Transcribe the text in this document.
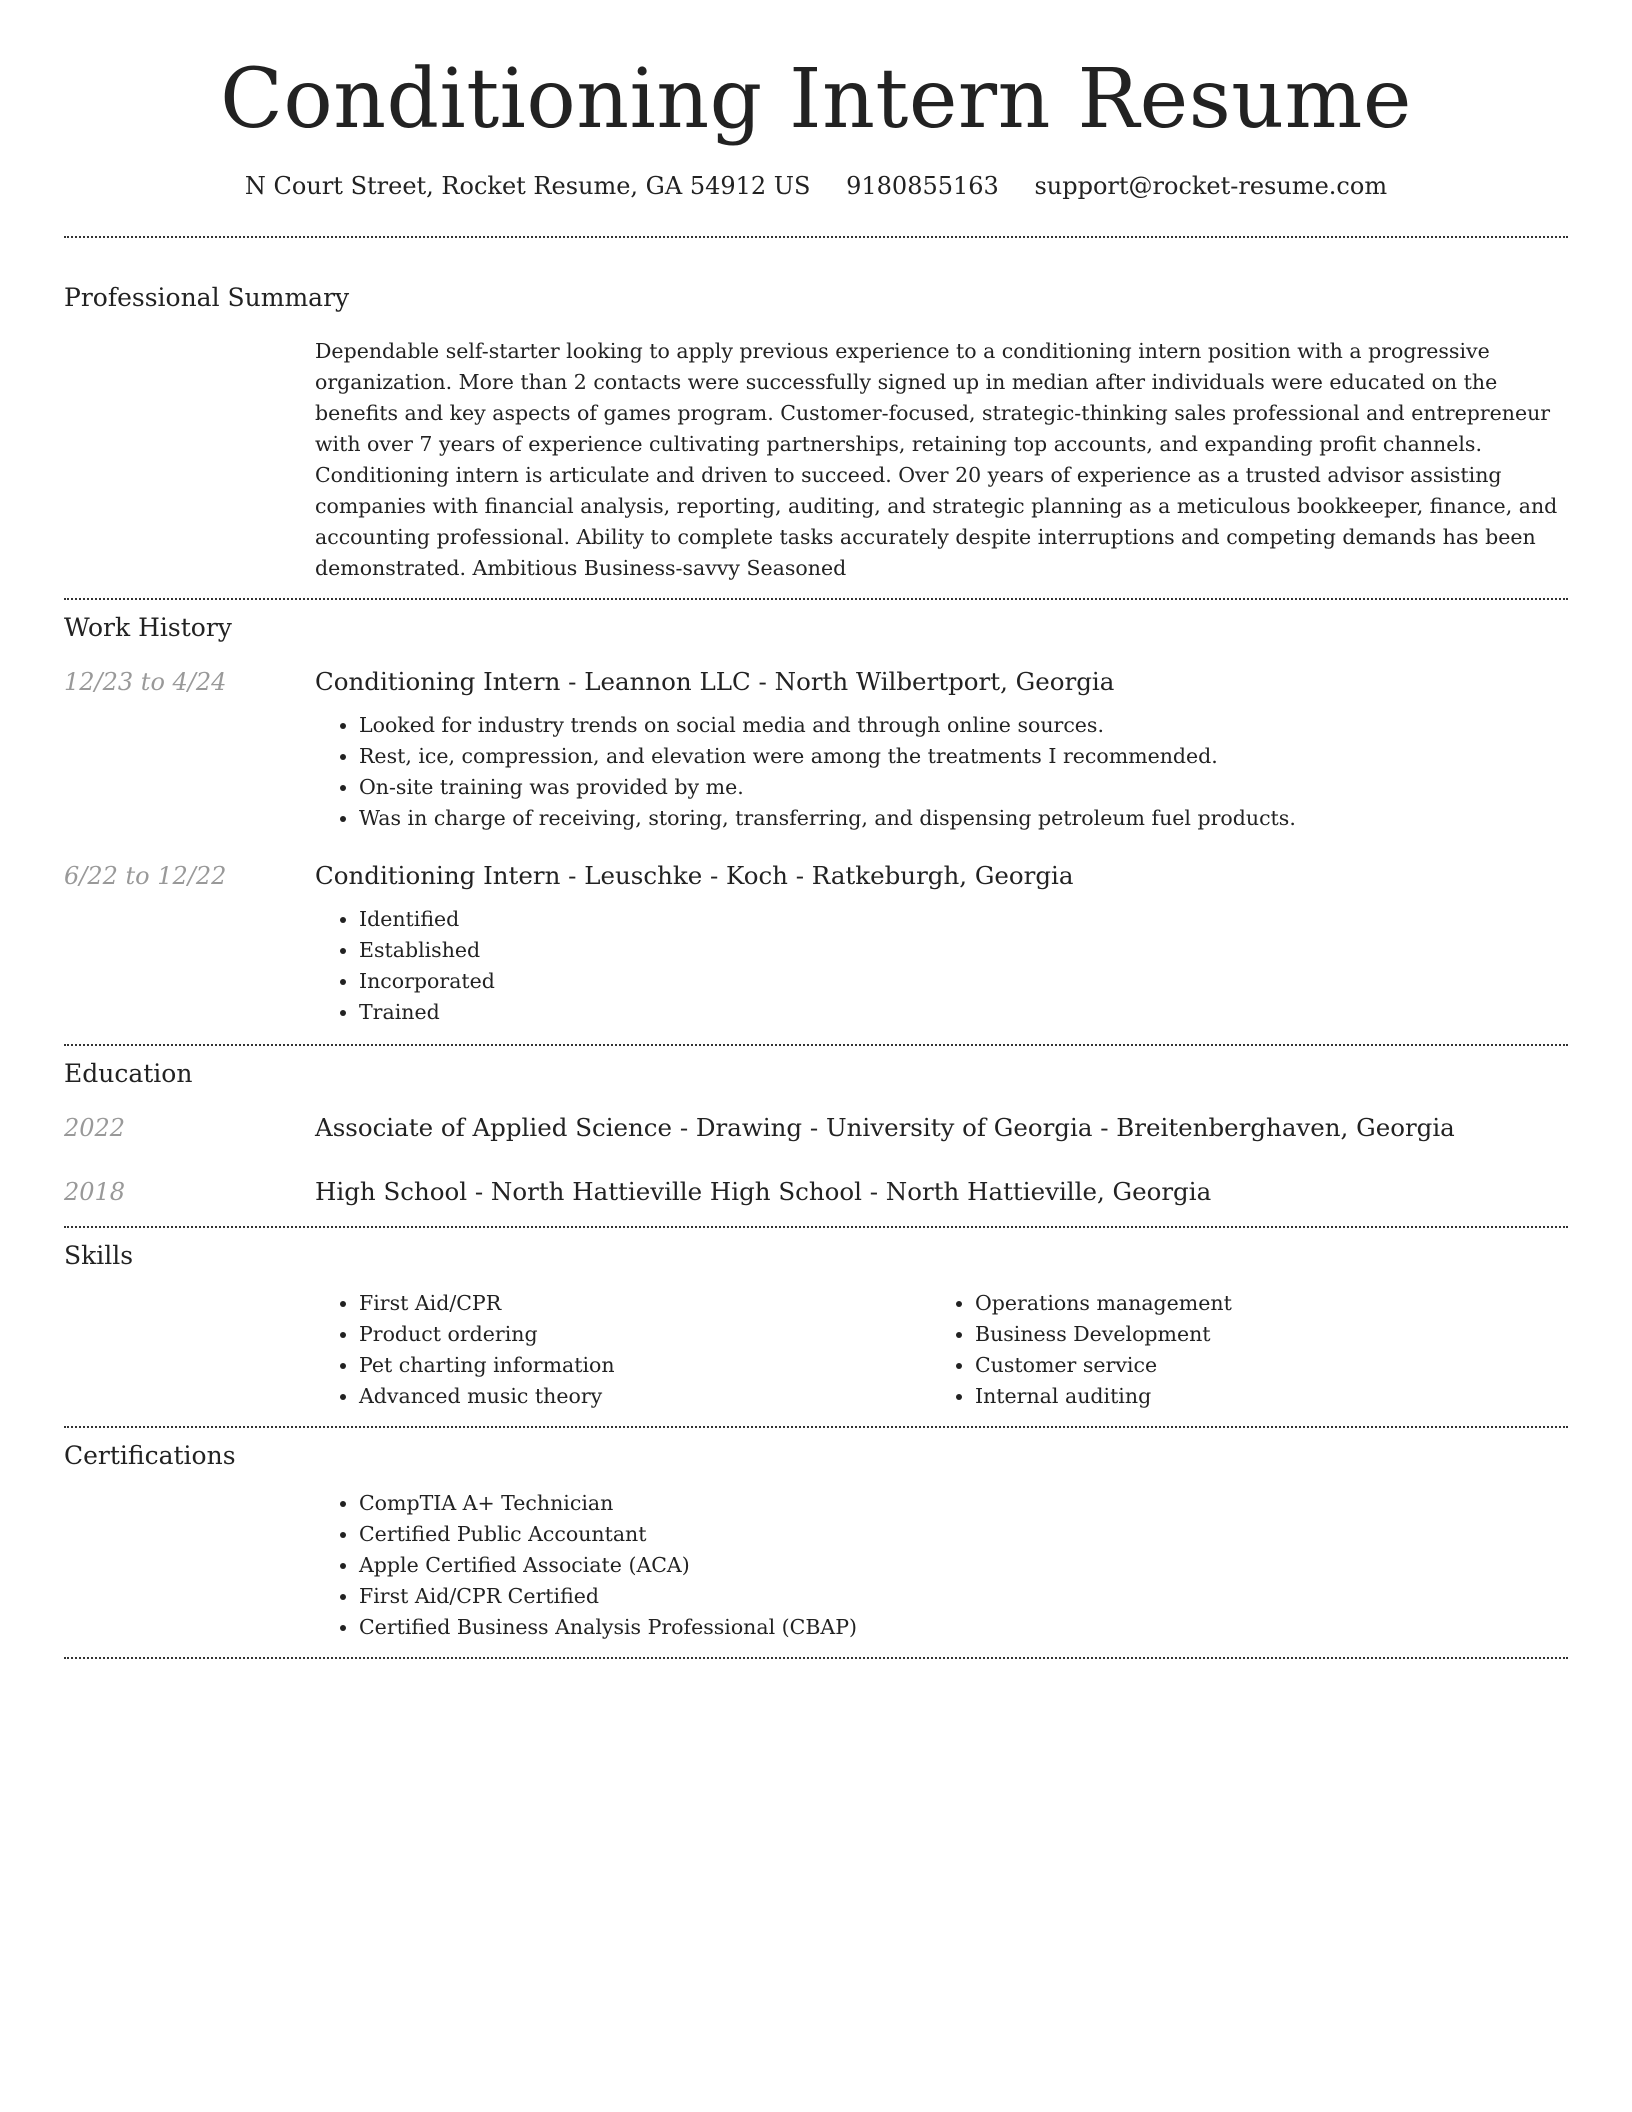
Conditioning Intern Resume
N Court Street, Rocket Resume, GA 54912 US 9180855163 support@rocket-resume.com
Professional Summary

Dependable self-starter looking to apply previous experience to a conditioning intern position with a progressive organization. More than 2 contacts were successfully signed up in median after individuals were educated on the benefits and key aspects of games program. Customer-focused, strategic-thinking sales professional and entrepreneur with over 7 years of experience cultivating partnerships, retaining top accounts, and expanding profit channels. Conditioning intern is articulate and driven to succeed. Over 20 years of experience as a trusted advisor assisting companies with financial analysis, reporting, auditing, and strategic planning as a meticulous bookkeeper, finance, and accounting professional. Ability to complete tasks accurately despite interruptions and competing demands has been demonstrated. Ambitious Business-savvy Seasoned

Work History
12/23 to 4/24	Conditioning Intern - Leannon LLC - North Wilbertport, Georgia
• Looked for industry trends on social media and through online sources.
• Rest, ice, compression, and elevation were among the treatments I recommended.
• On-site training was provided by me.
• Was in charge of receiving, storing, transferring, and dispensing petroleum fuel products.
6/22 to 12/22	Conditioning Intern - Leuschke - Koch - Ratkeburgh, Georgia
• Identified
• Established
• Incorporated
• Trained
Education
2022	Associate of Applied Science - Drawing - University of Georgia - Breitenberghaven, Georgia
2018	High School - North Hattieville High School - North Hattieville, Georgia
Skills
• First Aid/CPR
• Product ordering
• Pet charting information
• Advanced music theory
• Operations management
• Business Development
• Customer service
• Internal auditing
Certifications
• CompTIA A+ Technician
• Certified Public Accountant
• Apple Certified Associate (ACA)
• First Aid/CPR Certified
• Certified Business Analysis Professional (CBAP)
